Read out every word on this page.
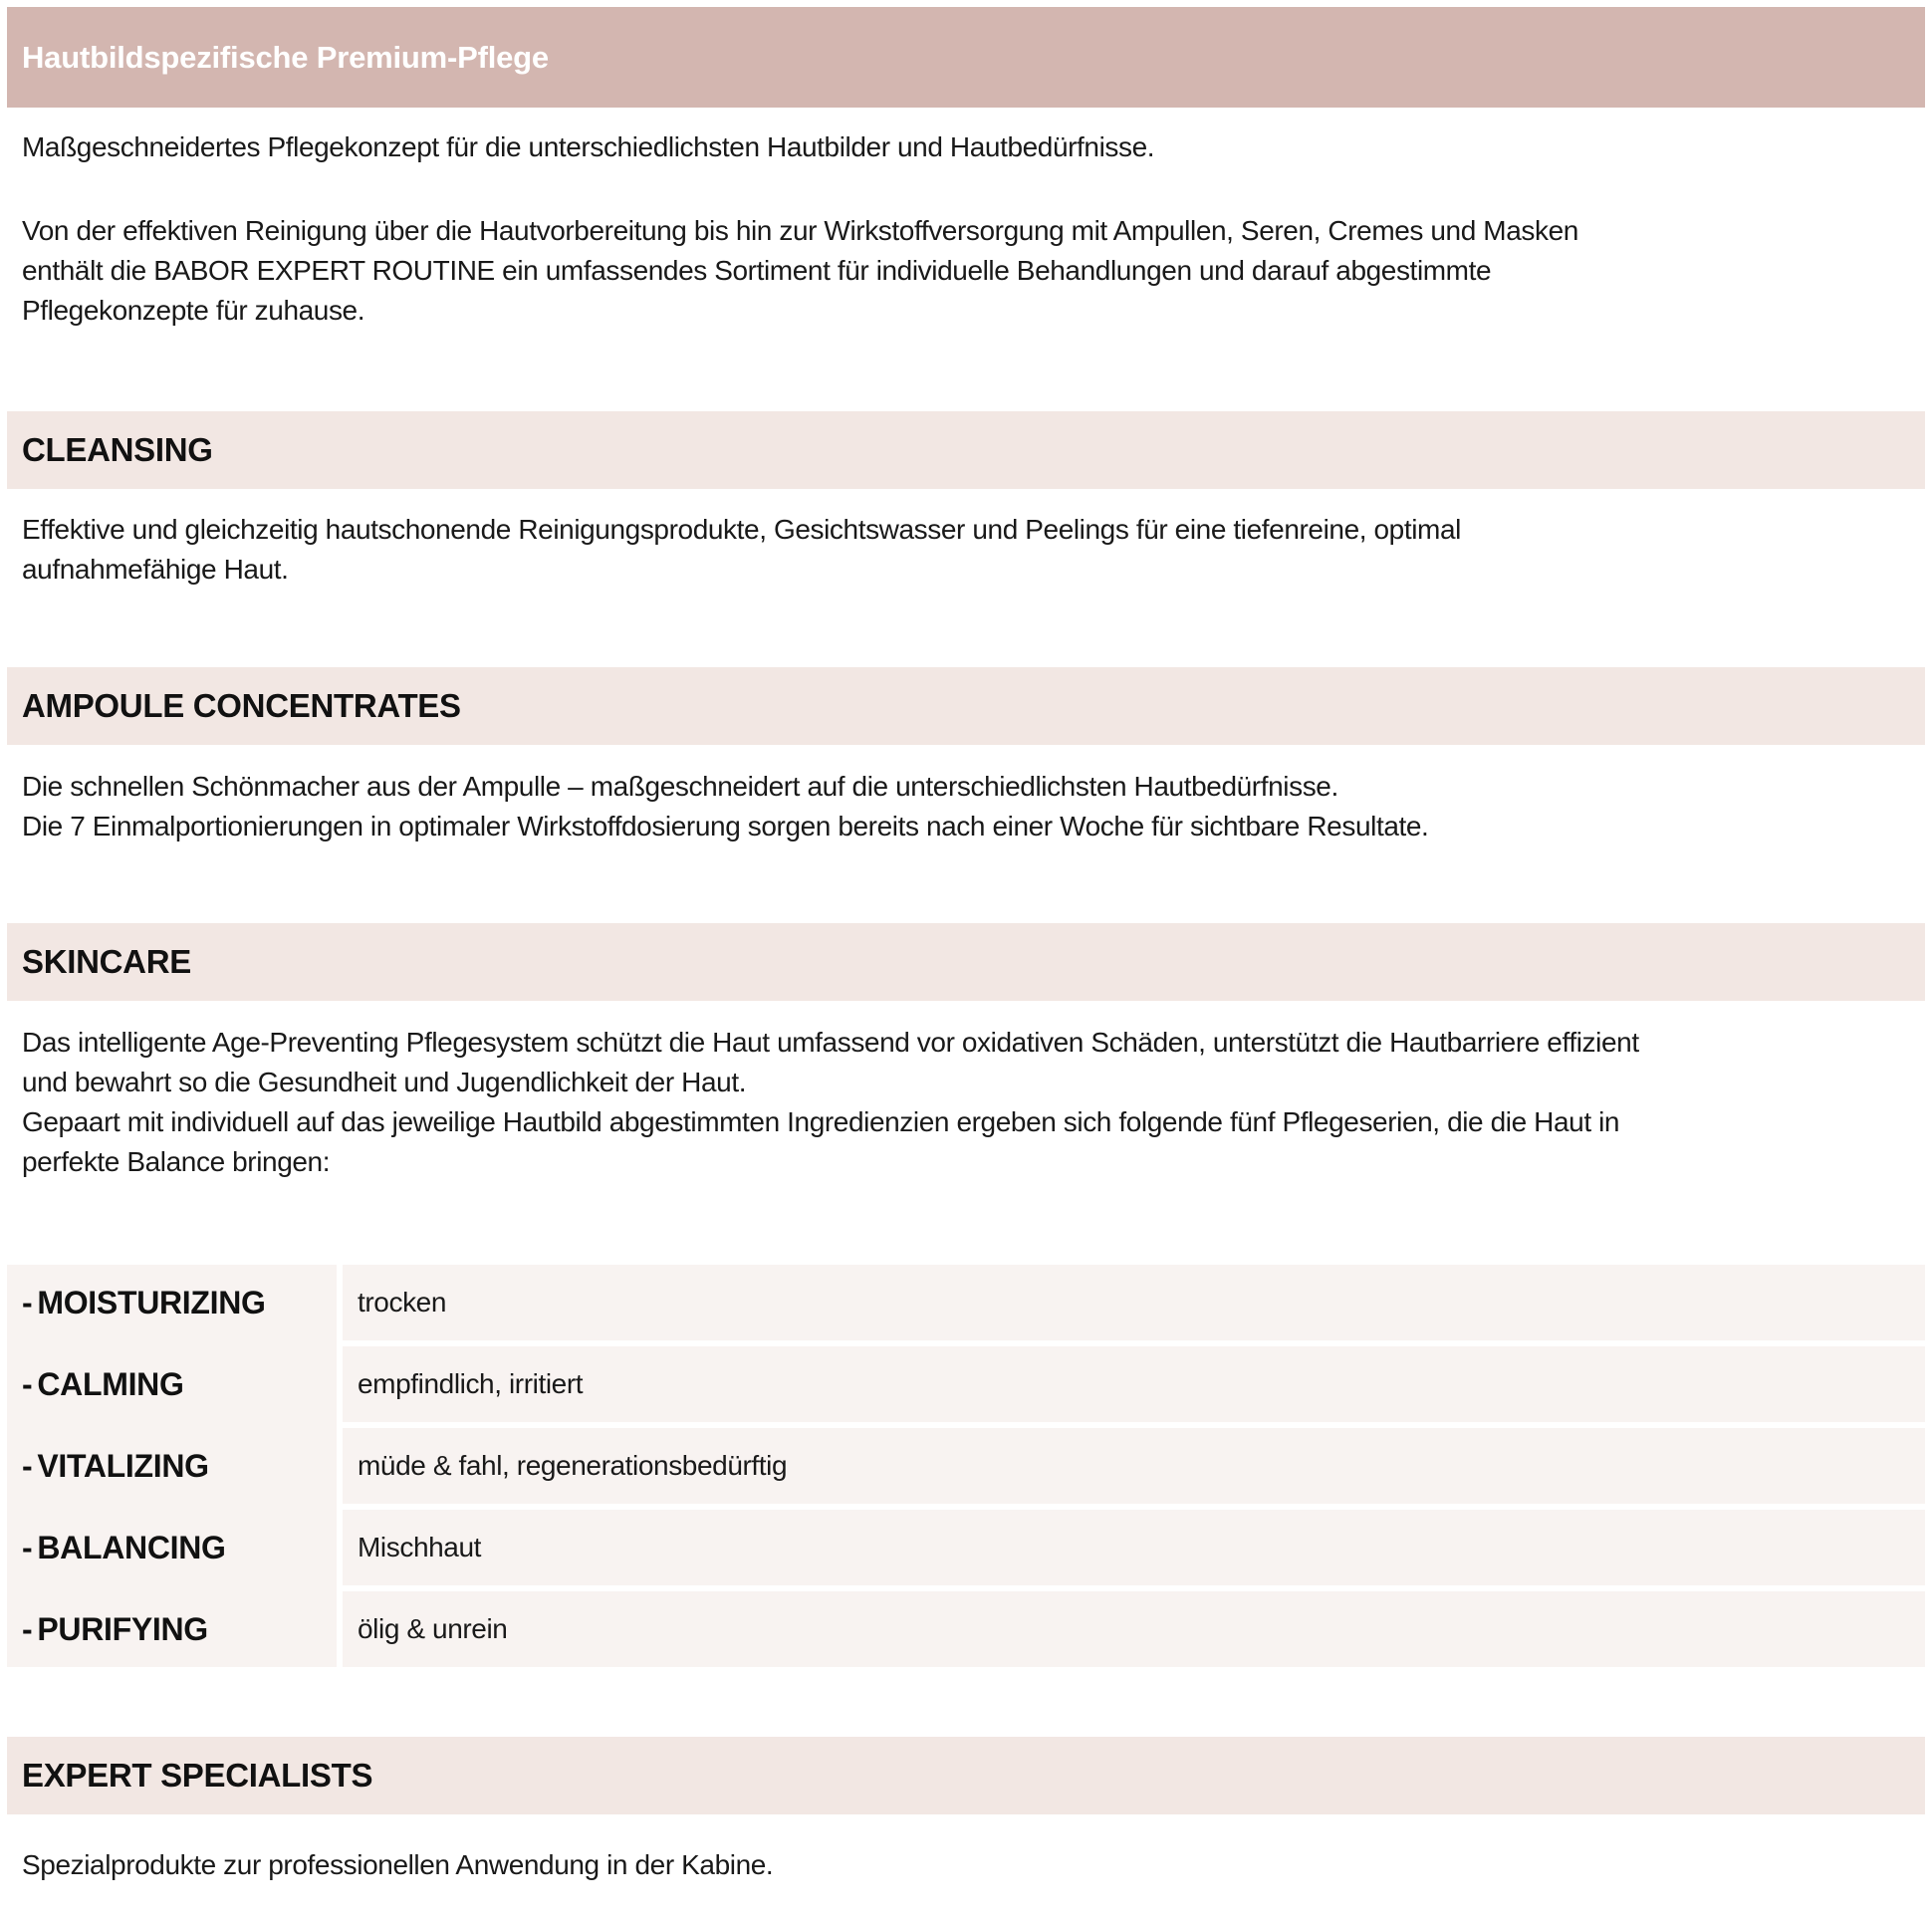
Hautbildspezifische Premium-Pflege
Maßgeschneidertes Pflegekonzept für die unterschiedlichsten Hautbilder und Hautbedürfnisse.
Von der effektiven Reinigung über die Hautvorbereitung bis hin zur Wirkstoffversorgung mit Ampullen, Seren, Cremes und Masken
enthält die BABOR EXPERT ROUTINE ein umfassendes Sortiment für individuelle Behandlungen und darauf abgestimmte
Pflegekonzepte für zuhause.
CLEANSING
Effektive und gleichzeitig hautschonende Reinigungsprodukte, Gesichtswasser und Peelings für eine tiefenreine, optimal
aufnahmefähige Haut.
AMPOULE CONCENTRATES
Die schnellen Schönmacher aus der Ampulle – maßgeschneidert auf die unterschiedlichsten Hautbedürfnisse.
Die 7 Einmalportionierungen in optimaler Wirkstoffdosierung sorgen bereits nach einer Woche für sichtbare Resultate.
SKINCARE
Das intelligente Age-Preventing Pflegesystem schützt die Haut umfassend vor oxidativen Schäden, unterstützt die Hautbarriere effizient
und bewahrt so die Gesundheit und Jugendlichkeit der Haut.
Gepaart mit individuell auf das jeweilige Hautbild abgestimmten Ingredienzien ergeben sich folgende fünf Pflegeserien, die die Haut in
perfekte Balance bringen:
- MOISTURIZING
- CALMING
- VITALIZING
- BALANCING
- PURIFYING
trocken
empfindlich, irritiert
müde & fahl, regenerationsbedürftig
Mischhaut
ölig & unrein
EXPERT SPECIALISTS
Spezialprodukte zur professionellen Anwendung in der Kabine.
